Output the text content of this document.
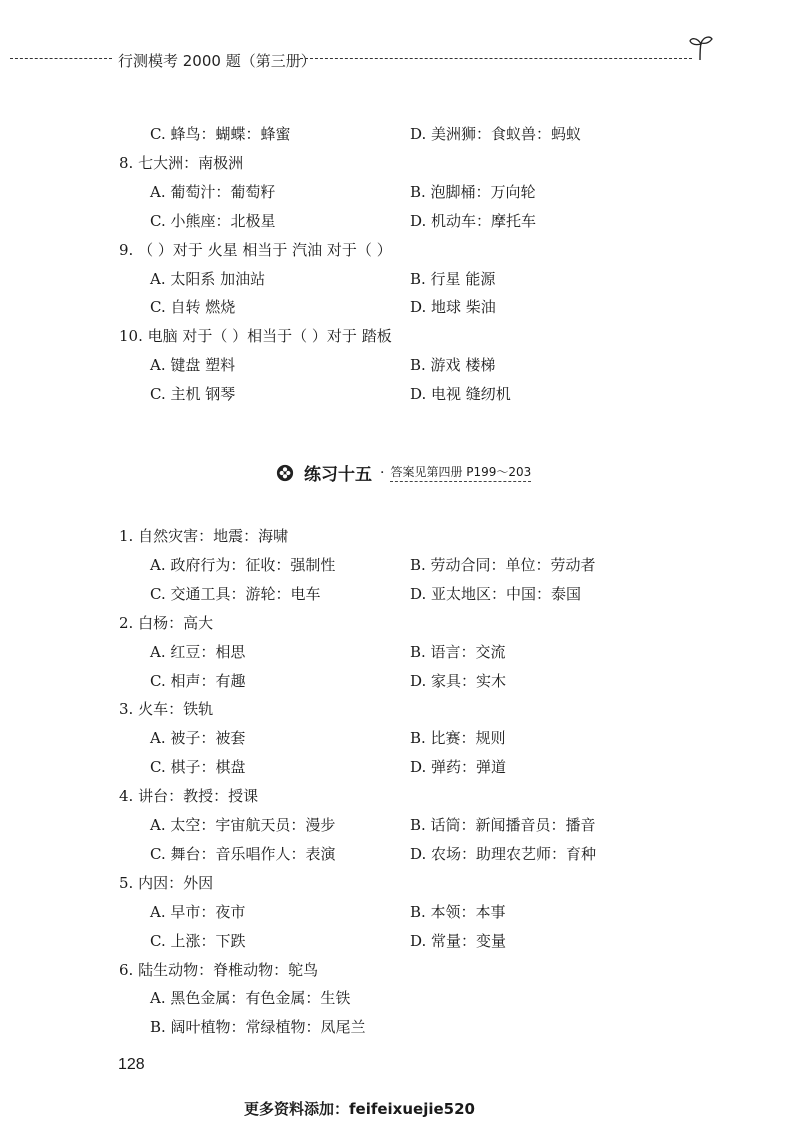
行测模考 2000 题（第三册）
练习十五 · 答案见第四册 P199～203
128
更多资料添加：feifeixuejie520
C. 蜂鸟：蝴蝶：蜂蜜	D. 美洲狮：食蚁兽：蚂蚁
8. 七大洲：南极洲
A. 葡萄汁：葡萄籽	B. 泡脚桶：万向轮
C. 小熊座：北极星	D. 机动车：摩托车
9. （ ）对于 火星 相当于 汽油 对于（ ）
A. 太阳系 加油站	B. 行星 能源
C. 自转 燃烧	D. 地球 柴油
10. 电脑 对于（ ）相当于（ ）对于 踏板
A. 键盘 塑料	B. 游戏 楼梯
C. 主机 钢琴	D. 电视 缝纫机
1. 自然灾害：地震：海啸
A. 政府行为：征收：强制性	B. 劳动合同：单位：劳动者
C. 交通工具：游轮：电车	D. 亚太地区：中国：泰国
2. 白杨：高大
A. 红豆：相思	B. 语言：交流
C. 相声：有趣	D. 家具：实木
3. 火车：铁轨
A. 被子：被套	B. 比赛：规则
C. 棋子：棋盘	D. 弹药：弹道
4. 讲台：教授：授课
A. 太空：宇宙航天员：漫步	B. 话筒：新闻播音员：播音
C. 舞台：音乐唱作人：表演	D. 农场：助理农艺师：育种
5. 内因：外因
A. 早市：夜市	B. 本领：本事
C. 上涨：下跌	D. 常量：变量
6. 陆生动物：脊椎动物：鸵鸟
A. 黑色金属：有色金属：生铁
B. 阔叶植物：常绿植物：凤尾兰
